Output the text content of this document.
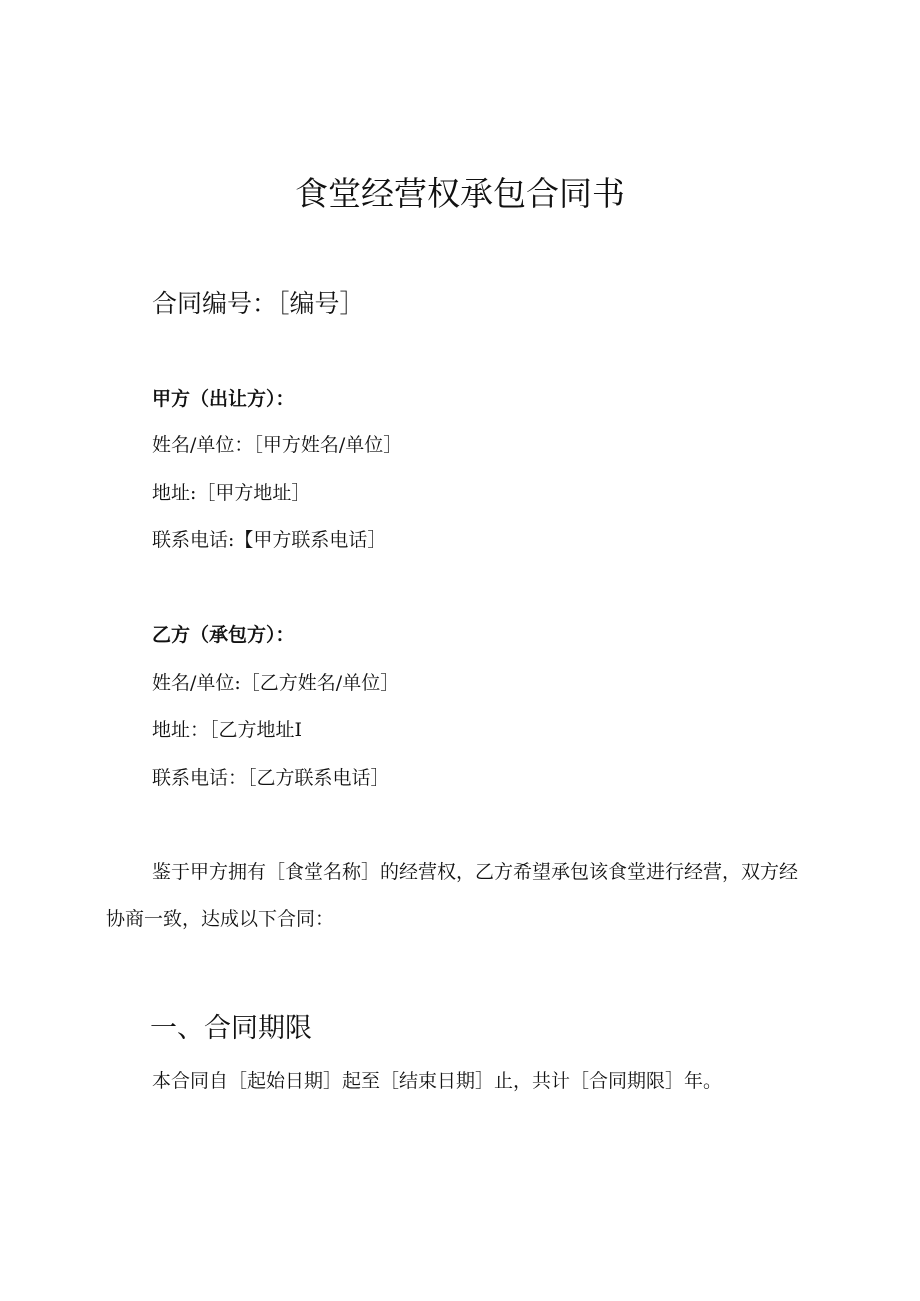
食堂经营权承包合同书
合同编号：［编号］
甲方（出让方）：
姓名/单位：［甲方姓名/单位］
地址:［甲方地址］
联系电话:【甲方联系电话］
乙方（承包方）：
姓名/单位:［乙方姓名/单位］
地址：［乙方地址I
联系电话：［乙方联系电话］

鉴于甲方拥有［食堂名称］的经营权，乙方希望承包该食堂进行经营，双方经协商一致，达成以下合同：

一、合同期限
本合同自［起始日期］起至［结束日期］止，共计［合同期限］年。
